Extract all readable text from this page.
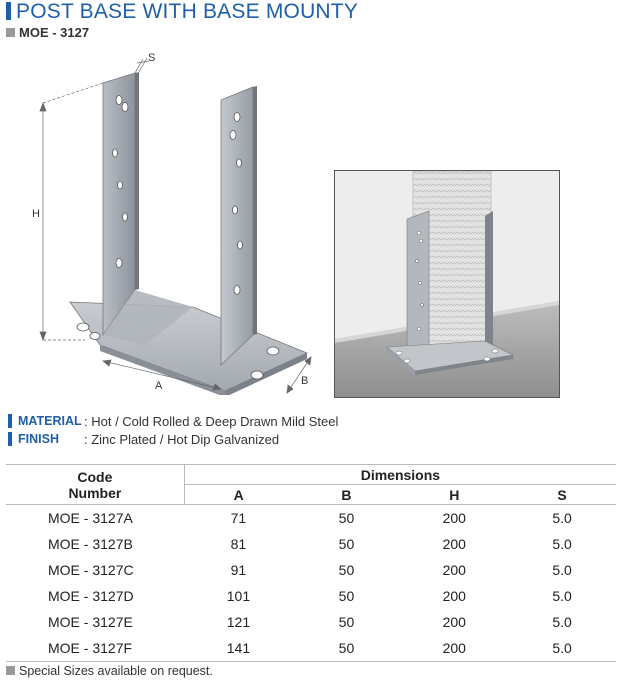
POST BASE WITH BASE MOUNTY
MOE - 3127
H
S
A	B
MATERIAL : Hot / Cold Rolled & Deep Drawn Mild Steel
FINISH	: Zinc Plated / Hot Dip Galvanized
Code
Number	Dimensions			
	A	B	H	S
MOE - 3127A	71	50	200	5.0
MOE - 3127B	81	50	200	5.0
MOE - 3127C	91	50	200	5.0
MOE - 3127D	101	50	200	5.0
MOE - 3127E	121	50	200	5.0
MOE - 3127F	141	50	200	5.0
Special Sizes available on request.
